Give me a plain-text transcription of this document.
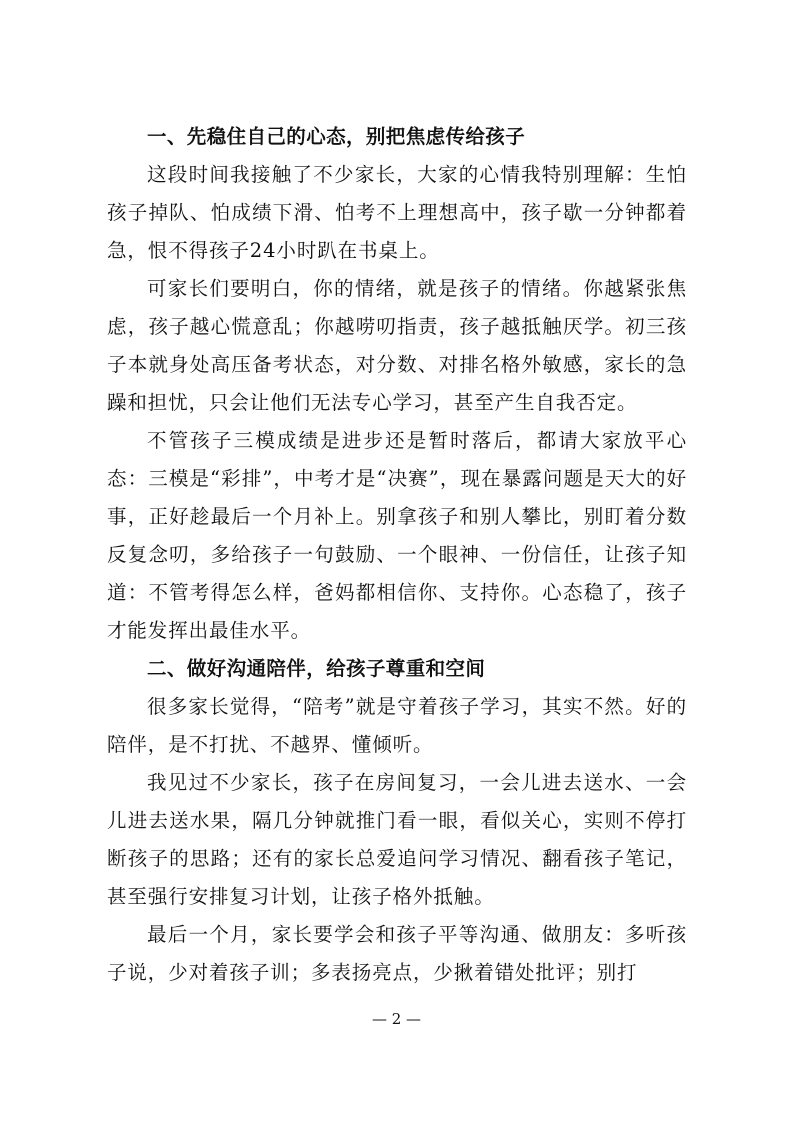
一、先稳住自己的心态，别把焦虑传给孩子

这段时间我接触了不少家长，大家的心情我特别理解：生怕孩子掉队、怕成绩下滑、怕考不上理想高中，孩子歇一分钟都着急，恨不得孩子24小时趴在书桌上。

可家长们要明白，你的情绪，就是孩子的情绪。你越紧张焦虑，孩子越心慌意乱；你越唠叨指责，孩子越抵触厌学。初三孩子本就身处高压备考状态，对分数、对排名格外敏感，家长的急躁和担忧，只会让他们无法专心学习，甚至产生自我否定。

不管孩子三模成绩是进步还是暂时落后，都请大家放平心态：三模是“彩排”，中考才是“决赛”，现在暴露问题是天大的好事，正好趁最后一个月补上。别拿孩子和别人攀比，别盯着分数反复念叨，多给孩子一句鼓励、一个眼神、一份信任，让孩子知道：不管考得怎么样，爸妈都相信你、支持你。心态稳了，孩子才能发挥出最佳水平。

二、做好沟通陪伴，给孩子尊重和空间

很多家长觉得，“陪考”就是守着孩子学习，其实不然。好的陪伴，是不打扰、不越界、懂倾听。

我见过不少家长，孩子在房间复习，一会儿进去送水、一会儿进去送水果，隔几分钟就推门看一眼，看似关心，实则不停打断孩子的思路；还有的家长总爱追问学习情况、翻看孩子笔记，甚至强行安排复习计划，让孩子格外抵触。

最后一个月，家长要学会和孩子平等沟通、做朋友：多听孩子说，少对着孩子训；多表扬亮点，少揪着错处批评；别打

— 2 —
